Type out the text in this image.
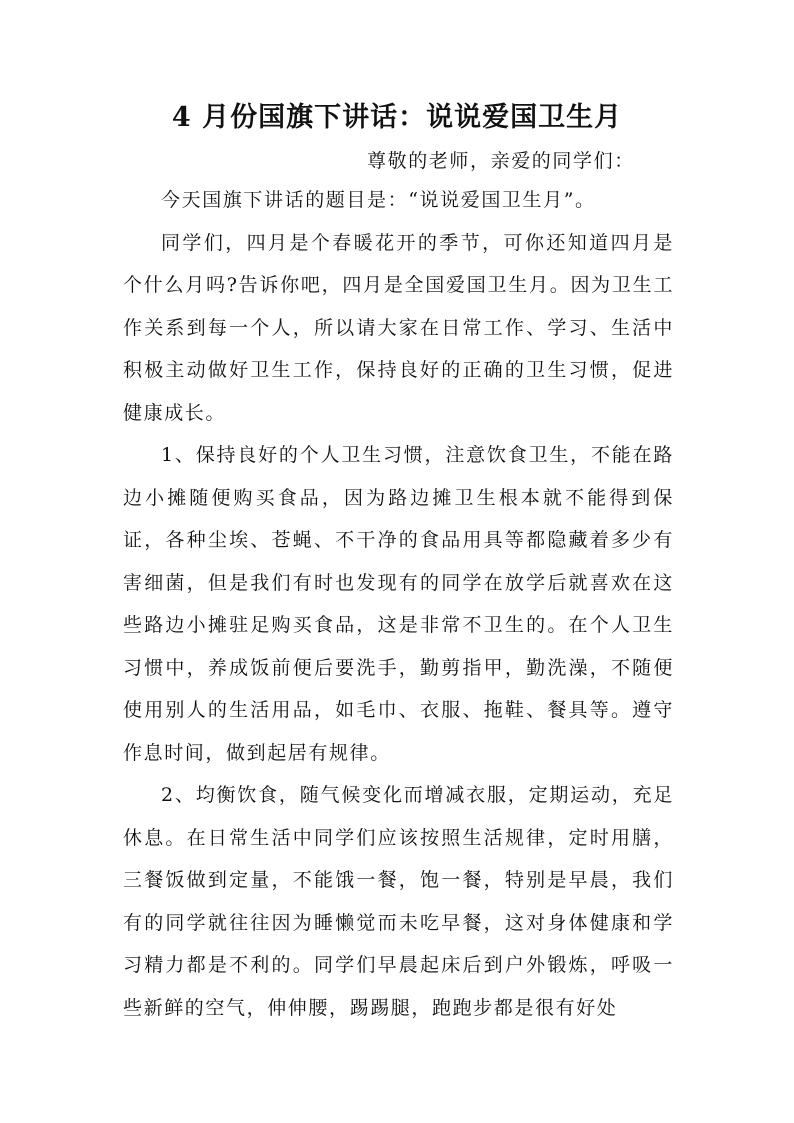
4 月份国旗下讲话：说说爱国卫生月

尊敬的老师，亲爱的同学们：

今天国旗下讲话的题目是：“说说爱国卫生月”。

同学们，四月是个春暖花开的季节，可你还知道四月是个什么月吗?告诉你吧，四月是全国爱国卫生月。因为卫生工作关系到每一个人，所以请大家在日常工作、学习、生活中积极主动做好卫生工作，保持良好的正确的卫生习惯，促进健康成长。

1、保持良好的个人卫生习惯，注意饮食卫生，不能在路边小摊随便购买食品，因为路边摊卫生根本就不能得到保证，各种尘埃、苍蝇、不干净的食品用具等都隐藏着多少有害细菌，但是我们有时也发现有的同学在放学后就喜欢在这些路边小摊驻足购买食品，这是非常不卫生的。在个人卫生习惯中，养成饭前便后要洗手，勤剪指甲，勤洗澡，不随便使用别人的生活用品，如毛巾、衣服、拖鞋、餐具等。遵守作息时间，做到起居有规律。

2、均衡饮食，随气候变化而增减衣服，定期运动，充足休息。在日常生活中同学们应该按照生活规律，定时用膳，三餐饭做到定量，不能饿一餐，饱一餐，特别是早晨，我们有的同学就往往因为睡懒觉而未吃早餐，这对身体健康和学习精力都是不利的。同学们早晨起床后到户外锻炼，呼吸一些新鲜的空气，伸伸腰，踢踢腿，跑跑步都是很有好处
